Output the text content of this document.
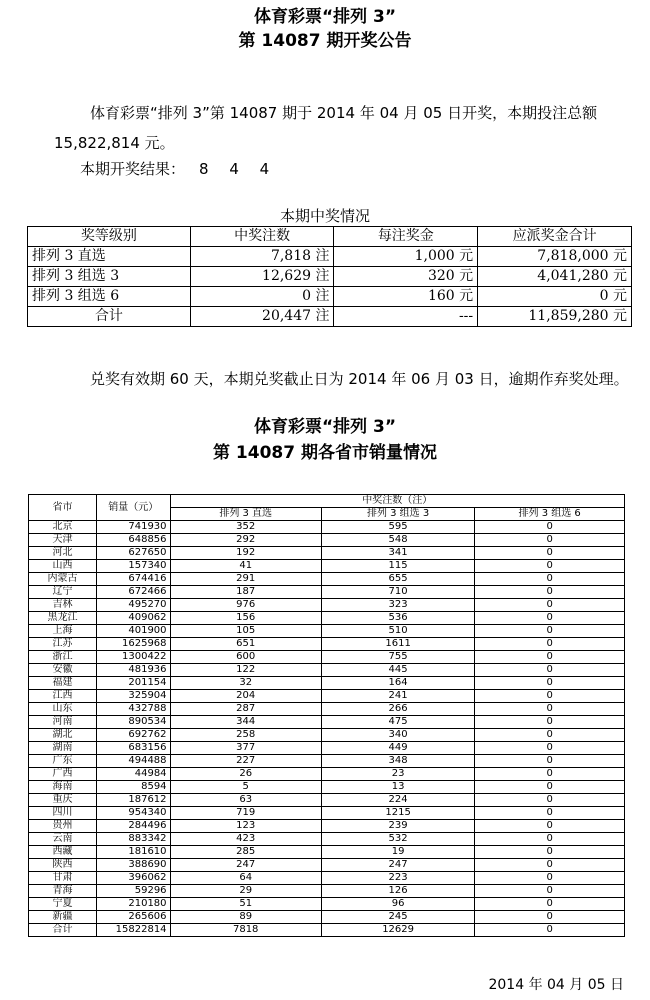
体育彩票“排列 3”
第 14087 期开奖公告
体育彩票“排列 3”第 14087 期于 2014 年 04 月 05 日开奖，本期投注总额 15,822,814 元。
本期开奖结果： 8 4 4
本期中奖情况
奖等级别	中奖注数	每注奖金	应派奖金合计
排列 3 直选	7,818 注	1,000 元	7,818,000 元
排列 3 组选 3	12,629 注	320 元	4,041,280 元
排列 3 组选 6	0 注	160 元	0 元
合计	20,447 注	---	11,859,280 元
兑奖有效期 60 天，本期兑奖截止日为 2014 年 06 月 03 日，逾期作弃奖处理。
体育彩票“排列 3”
第 14087 期各省市销量情况
省市	销量（元）	中奖注数（注）		
		排列 3 直选	排列 3 组选 3	排列 3 组选 6
北京	741930	352	595	0
天津	648856	292	548	0
河北	627650	192	341	0
山西	157340	41	115	0
内蒙古	674416	291	655	0
辽宁	672466	187	710	0
吉林	495270	976	323	0
黑龙江	409062	156	536	0
上海	401900	105	510	0
江苏	1625968	651	1611	0
浙江	1300422	600	755	0
安徽	481936	122	445	0
福建	201154	32	164	0
江西	325904	204	241	0
山东	432788	287	266	0
河南	890534	344	475	0
湖北	692762	258	340	0
湖南	683156	377	449	0
广东	494488	227	348	0
广西	44984	26	23	0
海南	8594	5	13	0
重庆	187612	63	224	0
四川	954340	719	1215	0
贵州	284496	123	239	0
云南	883342	423	532	0
西藏	181610	285	19	0
陕西	388690	247	247	0
甘肃	396062	64	223	0
青海	59296	29	126	0
宁夏	210180	51	96	0
新疆	265606	89	245	0
合计	15822814	7818	12629	0
2014 年 04 月 05 日
